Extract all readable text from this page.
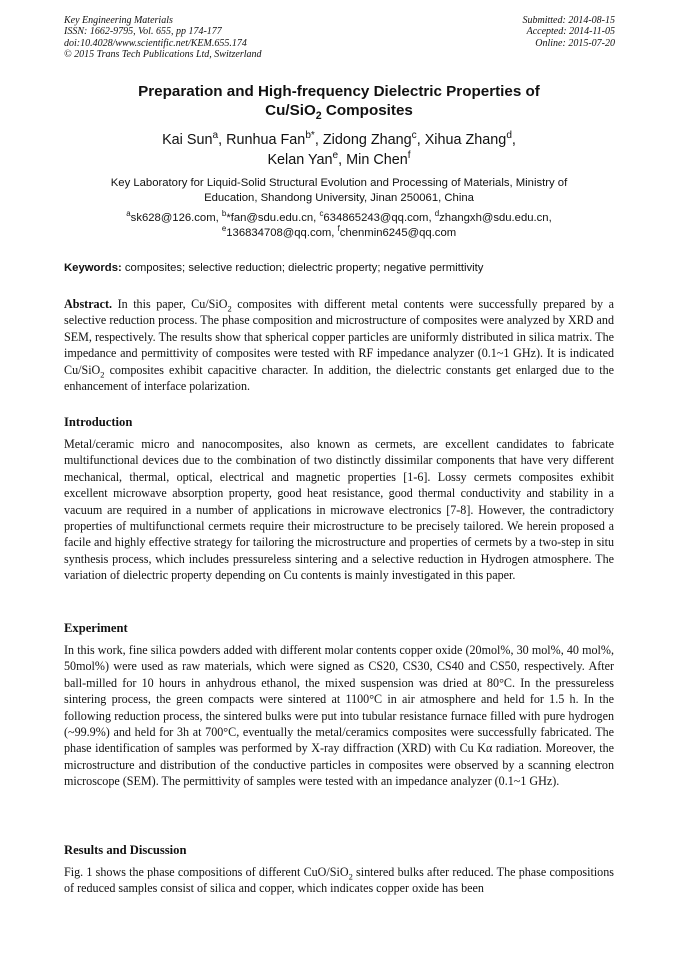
Key Engineering Materials
ISSN: 1662-9795, Vol. 655, pp 174-177
doi:10.4028/www.scientific.net/KEM.655.174
© 2015 Trans Tech Publications Ltd, Switzerland
Submitted: 2014-08-15
Accepted: 2014-11-05
Online: 2015-07-20
Preparation and High-frequency Dielectric Properties of
Cu/SiO$_2$ Composites
Kai Sun$^a$, Runhua Fan$^{b*}$, Zidong Zhang$^c$, Xihua Zhang$^d$,
Kelan Yan$^e$, Min Chen$^f$
Key Laboratory for Liquid-Solid Structural Evolution and Processing of Materials, Ministry of
Education, Shandong University, Jinan 250061, China
$^a$sk628@126.com, $^b$*fan@sdu.edu.cn, $^c$634865243@qq.com, $^d$zhangxh@sdu.edu.cn,
$^e$136834708@qq.com, $^f$chenmin6245@qq.com
Keywords: composites; selective reduction; dielectric property; negative permittivity

Abstract. In this paper, Cu/SiO$_2$ composites with different metal contents were successfully prepared by a selective reduction process. The phase composition and microstructure of composites were analyzed by XRD and SEM, respectively. The results show that spherical copper particles are uniformly distributed in silica matrix. The impedance and permittivity of composites were tested with RF impedance analyzer (0.1~1 GHz). It is indicated Cu/SiO$_2$ composites exhibit capacitive character. In addition, the dielectric constants get enlarged due to the enhancement of interface polarization.

Introduction

Metal/ceramic micro and nanocomposites, also known as cermets, are excellent candidates to fabricate multifunctional devices due to the combination of two distinctly dissimilar components that have very different mechanical, thermal, optical, electrical and magnetic properties [1-6]. Lossy cermets composites exhibit excellent microwave absorption property, good heat resistance, good thermal conductivity and stability in a vacuum are required in a number of applications in microwave electronics [7-8]. However, the contradictory properties of multifunctional cermets require their microstructure to be precisely tailored. We herein proposed a facile and highly effective strategy for tailoring the microstructure and properties of cermets by a two-step in situ synthesis process, which includes pressureless sintering and a selective reduction in Hydrogen atmosphere. The variation of dielectric property depending on Cu contents is mainly investigated in this paper.

Experiment

In this work, fine silica powders added with different molar contents copper oxide (20mol%, 30 mol%, 40 mol%, 50mol%) were used as raw materials, which were signed as CS20, CS30, CS40 and CS50, respectively. After ball-milled for 10 hours in anhydrous ethanol, the mixed suspension was dried at 80°C. In the pressureless sintering process, the green compacts were sintered at 1100°C in air atmosphere and held for 1.5 h. In the following reduction process, the sintered bulks were put into tubular resistance furnace filled with pure hydrogen (~99.9%) and held for 3h at 700°C, eventually the metal/ceramics composites were successfully fabricated. The phase identification of samples was performed by X-ray diffraction (XRD) with Cu Kα radiation. Moreover, the microstructure and distribution of the conductive particles in composites were observed by a scanning electron microscope (SEM). The permittivity of samples were tested with an impedance analyzer (0.1~1 GHz).

Results and Discussion

Fig. 1 shows the phase compositions of different CuO/SiO$_2$ sintered bulks after reduced. The phase compositions of reduced samples consist of silica and copper, which indicates copper oxide has been
